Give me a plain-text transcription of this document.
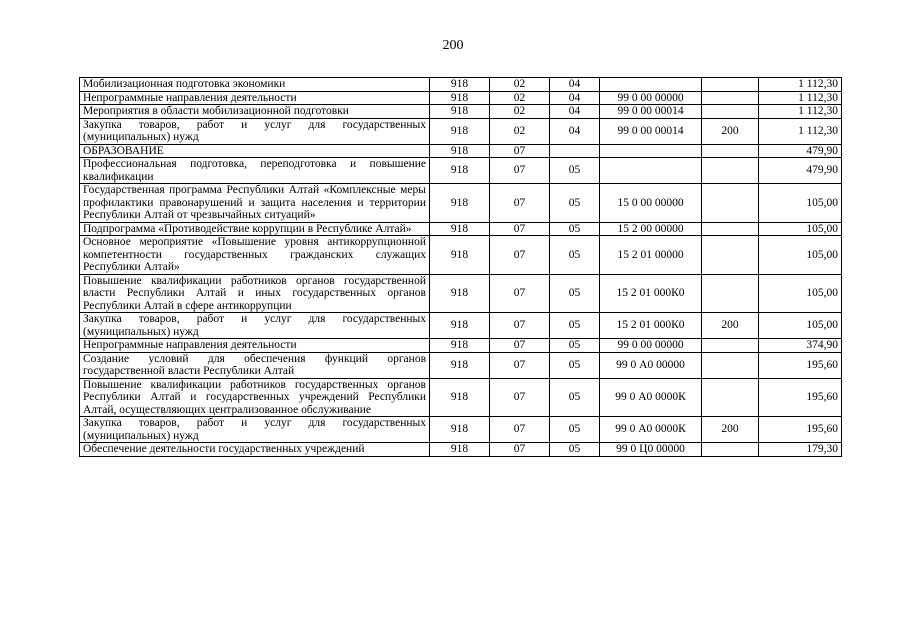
200
Мобилизационная подготовка экономики	918	02	04			1 112,30
Непрограммные направления деятельности	918	02	04	99 0 00 00000		1 112,30
Мероприятия в области мобилизационной подготовки	918	02	04	99 0 00 00014		1 112,30
Закупка товаров, работ и услуг для государственных (муниципальных) нужд	918	02	04	99 0 00 00014	200	1 112,30
ОБРАЗОВАНИЕ	918	07				479,90
Профессиональная подготовка, переподготовка и повышение квалификации	918	07	05			479,90
Государственная программа Республики Алтай «Комплексные меры профилактики правонарушений и защита населения и территории Республики Алтай от чрезвычайных ситуаций»	918	07	05	15 0 00 00000		105,00
Подпрограмма «Противодействие коррупции в Республике Алтай»	918	07	05	15 2 00 00000		105,00
Основное мероприятие «Повышение уровня антикоррупционной компетентности государственных гражданских служащих Республики Алтай»	918	07	05	15 2 01 00000		105,00
Повышение квалификации работников органов государственной власти Республики Алтай и иных государственных органов Республики Алтай в сфере антикоррупции	918	07	05	15 2 01 000К0		105,00
Закупка товаров, работ и услуг для государственных (муниципальных) нужд	918	07	05	15 2 01 000К0	200	105,00
Непрограммные направления деятельности	918	07	05	99 0 00 00000		374,90
Создание условий для обеспечения функций органов государственной власти Республики Алтай	918	07	05	99 0 А0 00000		195,60
Повышение квалификации работников государственных органов Республики Алтай и государственных учреждений Республики Алтай, осуществляющих централизованное обслуживание	918	07	05	99 0 А0 0000К		195,60
Закупка товаров, работ и услуг для государственных (муниципальных) нужд	918	07	05	99 0 А0 0000К	200	195,60
Обеспечение деятельности государственных учреждений	918	07	05	99 0 Ц0 00000		179,30
